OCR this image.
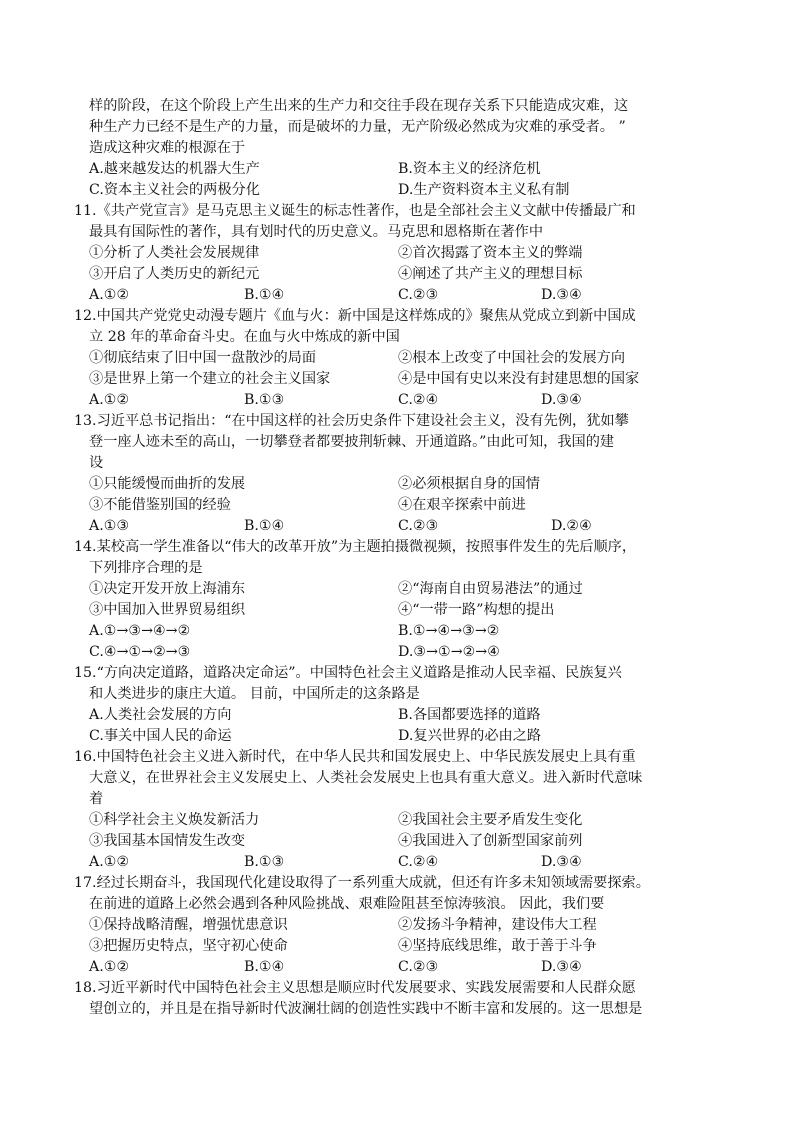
样的阶段，在这个阶段上产生出来的生产力和交往手段在现存关系下只能造成灾难，这
种生产力已经不是生产的力量，而是破坏的力量，无产阶级必然成为灾难的承受者。 ”
造成这种灾难的根源在于
A.越来越发达的机器大生产	B.资本主义的经济危机
C.资本主义社会的两极分化	D.生产资料资本主义私有制
11.《共产党宣言》是马克思主义诞生的标志性著作，也是全部社会主义文献中传播最广和
最具有国际性的著作，具有划时代的历史意义。马克思和恩格斯在著作中
①分析了人类社会发展规律	②首次揭露了资本主义的弊端
③开启了人类历史的新纪元	④阐述了共产主义的理想目标
A.①②	B.①④	C.②③	D.③④
12.中国共产党党史动漫专题片《血与火：新中国是这样炼成的》聚焦从党成立到新中国成
立 28 年的革命奋斗史。在血与火中炼成的新中国
①彻底结束了旧中国一盘散沙的局面	②根本上改变了中国社会的发展方向
③是世界上第一个建立的社会主义国家	④是中国有史以来没有封建思想的国家
A.①②	B.①③	C.②④	D.③④
13.习近平总书记指出：“在中国这样的社会历史条件下建设社会主义，没有先例，犹如攀
登一座人迹未至的高山，一切攀登者都要披荆斩棘、开通道路。”由此可知，我国的建
设
①只能缓慢而曲折的发展	②必须根据自身的国情
③不能借鉴别国的经验	④在艰辛探索中前进
A.①③	B.①④	C.②③	D.②④
14.某校高一学生准备以“伟大的改革开放”为主题拍摄微视频，按照事件发生的先后顺序，
下列排序合理的是
①决定开发开放上海浦东	②“海南自由贸易港法”的通过
③中国加入世界贸易组织	④“一带一路”构想的提出
A.①→③→④→②	B.①→④→③→②
C.④→①→②→③	D.③→①→②→④
15.“方向决定道路，道路决定命运”。中国特色社会主义道路是推动人民幸福、民族复兴
和人类进步的康庄大道。 目前，中国所走的这条路是
A.人类社会发展的方向	B.各国都要选择的道路
C.事关中国人民的命运	D.复兴世界的必由之路
16.中国特色社会主义进入新时代，在中华人民共和国发展史上、中华民族发展史上具有重
大意义，在世界社会主义发展史上、人类社会发展史上也具有重大意义。进入新时代意味
着
①科学社会主义焕发新活力	②我国社会主要矛盾发生变化
③我国基本国情发生改变	④我国进入了创新型国家前列
A.①②	B.①③	C.②④	D.③④
17.经过长期奋斗，我国现代化建设取得了一系列重大成就，但还有许多未知领域需要探索。
在前进的道路上必然会遇到各种风险挑战、艰难险阻甚至惊涛骇浪。 因此，我们要
①保持战略清醒，增强忧患意识	②发扬斗争精神，建设伟大工程
③把握历史特点，坚守初心使命	④坚持底线思维，敢于善于斗争
A.①②	B.①④	C.②③	D.③④
18.习近平新时代中国特色社会主义思想是顺应时代发展要求、实践发展需要和人民群众愿
望创立的，并且是在指导新时代波澜壮阔的创造性实践中不断丰富和发展的。这一思想是
